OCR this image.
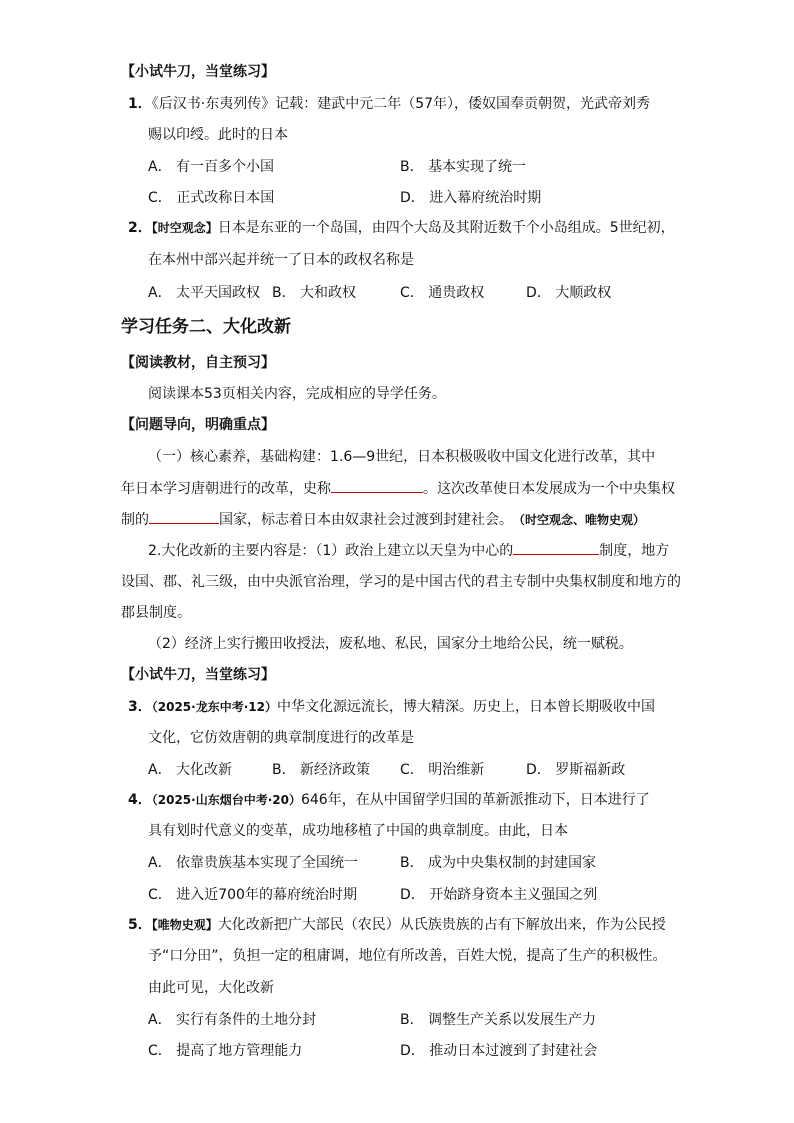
【小试牛刀，当堂练习】
1．《后汉书·东夷列传》记载：建武中元二年（57年），倭奴国奉贡朝贺，光武帝刘秀
赐以印绶。此时的日本
A． 有一百多个小国	B． 基本实现了统一
C． 正式改称日本国	D． 进入幕府统治时期
2．【时空观念】日本是东亚的一个岛国，由四个大岛及其附近数千个小岛组成。5世纪初，
在本州中部兴起并统一了日本的政权名称是
A． 太平天国政权 B． 大和政权	C． 通贵政权	D． 大顺政权
学习任务二、大化改新
【阅读教材，自主预习】
阅读课本53页相关内容，完成相应的导学任务。
【问题导向，明确重点】
（一）核心素养，基础构建：1.6—9世纪，日本积极吸收中国文化进行改革，其中
年日本学习唐朝进行的改革，史称	。这次改革使日本发展成为一个中央集权
制的	国家，标志着日本由奴隶社会过渡到封建社会。 （时空观念、唯物史观）
2.大化改新的主要内容是：（1）政治上建立以天皇为中心的	制度，地方
设国、郡、礼三级，由中央派官治理，学习的是中国古代的君主专制中央集权制度和地方的
郡县制度。
（2）经济上实行搬田收授法，废私地、私民，国家分土地给公民，统一赋税。
【小试牛刀，当堂练习】
3．（2025·龙东中考·12）中华文化源远流长，博大精深。历史上，日本曾长期吸收中国
文化，它仿效唐朝的典章制度进行的改革是
A． 大化改新	B． 新经济政策 C． 明治维新	D． 罗斯福新政
4．（2025·山东烟台中考·20）646年，在从中国留学归国的革新派推动下，日本进行了
具有划时代意义的变革，成功地移植了中国的典章制度。由此，日本
A． 依靠贵族基本实现了全国统一	B． 成为中央集权制的封建国家
C． 进入近700年的幕府统治时期	D． 开始跻身资本主义强国之列
5．【唯物史观】大化改新把广大部民（农民）从氏族贵族的占有下解放出来，作为公民授
予“口分田”，负担一定的租庸调，地位有所改善，百姓大悦，提高了生产的积极性。
由此可见，大化改新
A． 实行有条件的土地分封	B． 调整生产关系以发展生产力
C． 提高了地方管理能力	D． 推动日本过渡到了封建社会
